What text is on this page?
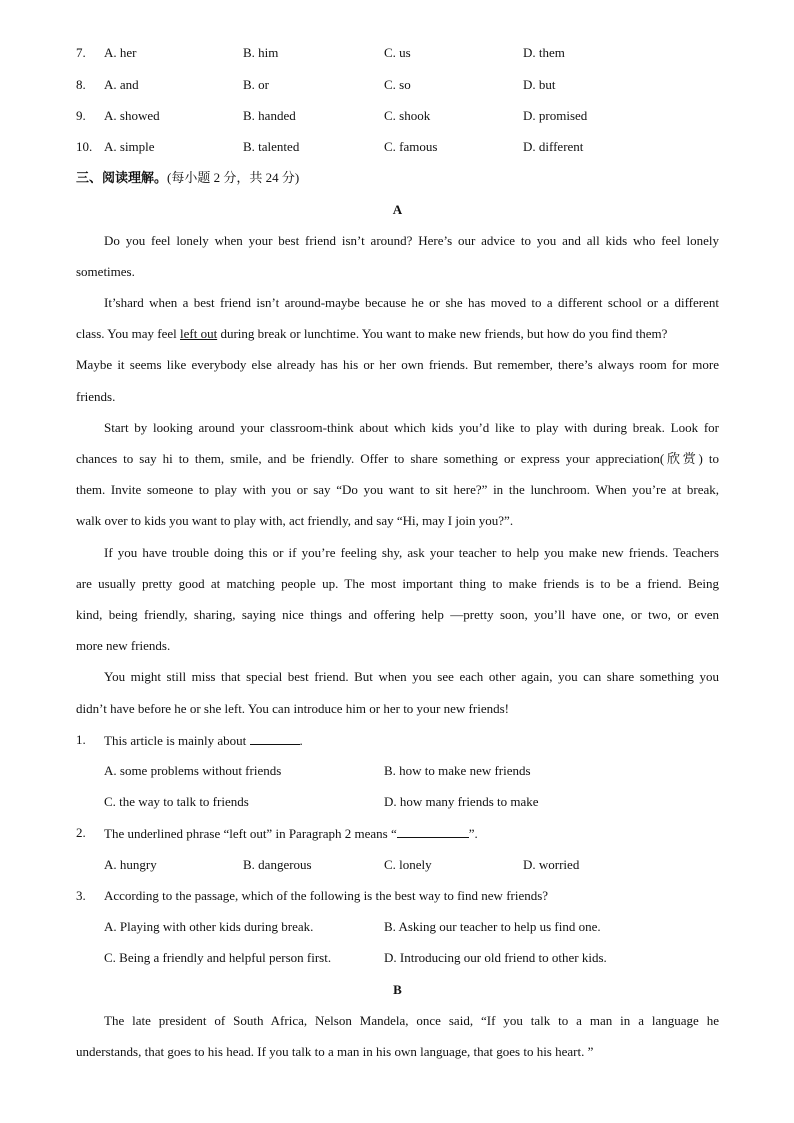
7. A. her	B. him	C. us	D. them
8. A. and	B. or	C. so	D. but
9. A. showed	B. handed	C. shook	D. promised
10. A. simple	B. talented	C. famous	D. different
三、阅读理解。(每小题 2 分，共 24 分)
A
Do you feel lonely when your best friend isn’t around? Here’s our advice to you and all kids who feel lonely
sometimes.
It’shard when a best friend isn’t around-maybe because he or she has moved to a different school or a different
class. You may feel left out during break or lunchtime. You want to make new friends, but how do you find them?
Maybe it seems like everybody else already has his or her own friends. But remember, there’s always room for more
friends.
Start by looking around your classroom-think about which kids you’d like to play with during break. Look for
chances to say hi to them, smile, and be friendly. Offer to share something or express your appreciation(欣赏) to
them. Invite someone to play with you or say “Do you want to sit here?” in the lunchroom. When you’re at break,
walk over to kids you want to play with, act friendly, and say “Hi, may I join you?”.
If you have trouble doing this or if you’re feeling shy, ask your teacher to help you make new friends. Teachers
are usually pretty good at matching people up. The most important thing to make friends is to be a friend. Being
kind, being friendly, sharing, saying nice things and offering help —pretty soon, you’ll have one, or two, or even
more new friends.
You might still miss that special best friend. But when you see each other again, you can share something you
didn’t have before he or she left. You can introduce him or her to your new friends!
1. This article is mainly about	.
A. some problems without friends	B. how to make new friends
C. the way to talk to friends	D. how many friends to make
2. The underlined phrase “left out” in Paragraph 2 means “	”.
A. hungry	B. dangerous	C. lonely	D. worried
3. According to the passage, which of the following is the best way to find new friends?
A. Playing with other kids during break.	B. Asking our teacher to help us find one.
C. Being a friendly and helpful person first.	D. Introducing our old friend to other kids.
B
The late president of South Africa, Nelson Mandela, once said, “If you talk to a man in a language he
understands, that goes to his head. If you talk to a man in his own language, that goes to his heart. ”
